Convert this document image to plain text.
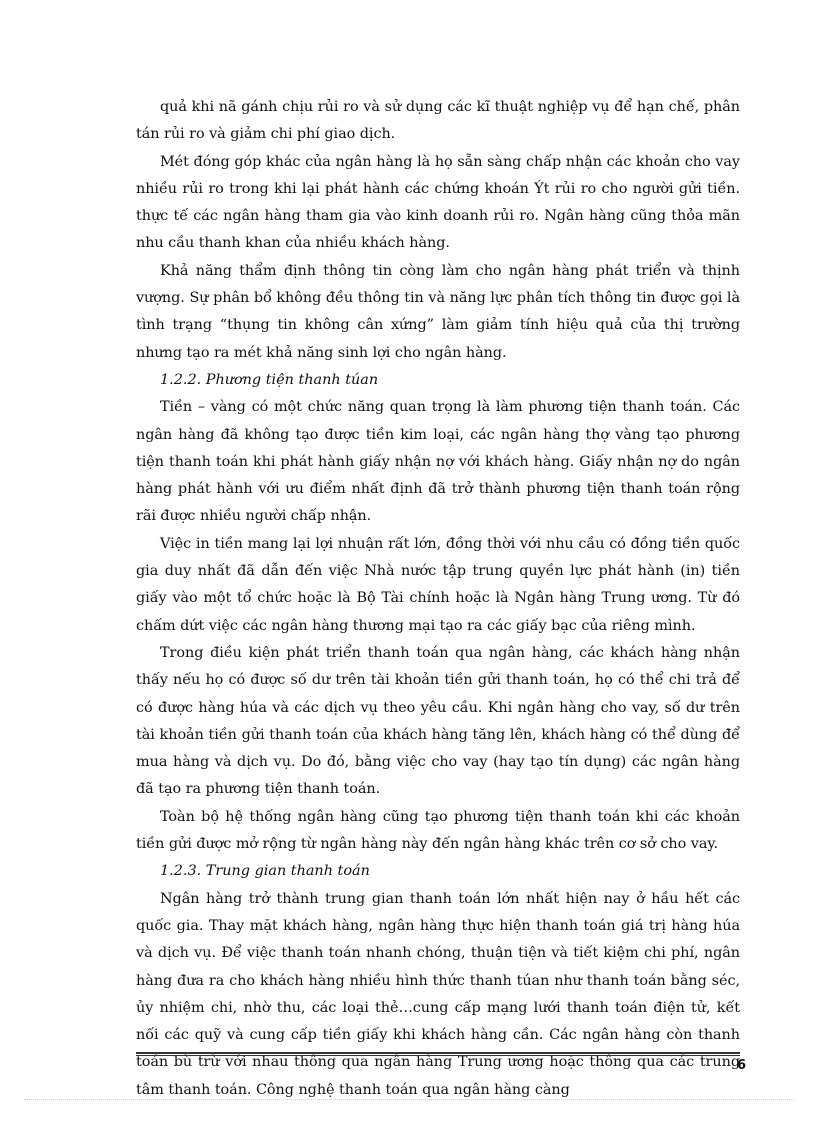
quả khi nã gánh chịu rủi ro và sử dụng các kĩ thuật nghiệp vụ để hạn chế, phân tán rủi ro và giảm chi phí giao dịch.

Mét đóng góp khác của ngân hàng là họ sẵn sàng chấp nhận các khoản cho vay nhiều rủi ro trong khi lại phát hành các chứng khoán Ýt rủi ro cho người gửi tiền. thực tế các ngân hàng tham gia vào kinh doanh rủi ro. Ngân hàng cũng thỏa mãn nhu cầu thanh khan của nhiều khách hàng.

Khả năng thẩm định thông tin còng làm cho ngân hàng phát triển và thịnh vượng. Sự phân bổ không đều thông tin và năng lực phân tích thông tin được gọi là tình trạng “thụng tin không cân xứng” làm giảm tính hiệu quả của thị trường nhưng tạo ra mét khả năng sinh lợi cho ngân hàng.

1.2.2. Phương tiện thanh túan

Tiền – vàng có một chức năng quan trọng là làm phương tiện thanh toán. Các ngân hàng đã không tạo được tiền kim loại, các ngân hàng thợ vàng tạo phương tiện thanh toán khi phát hành giấy nhận nợ với khách hàng. Giấy nhận nợ do ngân hàng phát hành với ưu điểm nhất định đã trở thành phương tiện thanh toán rộng rãi được nhiều người chấp nhận.

Việc in tiền mang lại lợi nhuận rất lớn, đồng thời với nhu cầu có đồng tiền quốc gia duy nhất đã dẫn đến việc Nhà nước tập trung quyền lực phát hành (in) tiền giấy vào một tổ chức hoặc là Bộ Tài chính hoặc là Ngân hàng Trung ương. Từ đó chấm dứt việc các ngân hàng thương mại tạo ra các giấy bạc của riêng mình.

Trong điều kiện phát triển thanh toán qua ngân hàng, các khách hàng nhận thấy nếu họ có được số dư trên tài khoản tiền gửi thanh toán, họ có thể chi trả để có được hàng húa và các dịch vụ theo yêu cầu. Khi ngân hàng cho vay, số dư trên tài khoản tiền gửi thanh toán của khách hàng tăng lên, khách hàng có thể dùng để mua hàng và dịch vụ. Do đó, bằng việc cho vay (hay tạo tín dụng) các ngân hàng đã tạo ra phương tiện thanh toán.

Toàn bộ hệ thống ngân hàng cũng tạo phương tiện thanh toán khi các khoản tiền gửi được mở rộng từ ngân hàng này đến ngân hàng khác trên cơ sở cho vay.

1.2.3. Trung gian thanh toán

Ngân hàng trở thành trung gian thanh toán lớn nhất hiện nay ở hầu hết các quốc gia. Thay mặt khách hàng, ngân hàng thực hiện thanh toán giá trị hàng húa và dịch vụ. Để việc thanh toán nhanh chóng, thuận tiện và tiết kiệm chi phí, ngân hàng đưa ra cho khách hàng nhiều hình thức thanh túan như thanh toán bằng séc, ủy nhiệm chi, nhờ thu, các loại thẻ…cung cấp mạng lưới thanh toán điện tử, kết nối các quỹ và cung cấp tiền giấy khi khách hàng cần. Các ngân hàng còn thanh toán bù trừ với nhau thông qua ngân hàng Trung ương hoặc thông qua các trung tâm thanh toán. Công nghệ thanh toán qua ngân hàng càng

6
